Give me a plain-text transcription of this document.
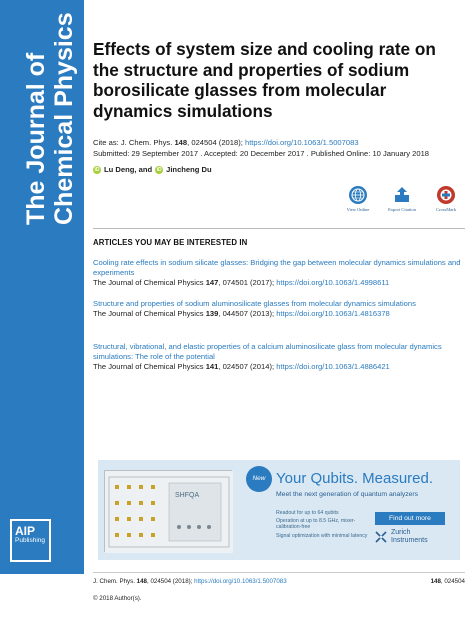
The Journal of Chemical Physics
AIP
Publishing
Effects of system size and cooling rate on the structure and properties of sodium borosilicate glasses from molecular dynamics simulations
Cite as: J. Chem. Phys. 148, 024504 (2018); https://doi.org/10.1063/1.5007083
Submitted: 29 September 2017 . Accepted: 20 December 2017 . Published Online: 10 January 2018
iD Lu Deng, and iD Jincheng Du
View Online	Export Citation	CrossMark
ARTICLES YOU MAY BE INTERESTED IN
Cooling rate effects in sodium silicate glasses: Bridging the gap between molecular dynamics simulations and experiments
The Journal of Chemical Physics 147, 074501 (2017); https://doi.org/10.1063/1.4998611
Structure and properties of sodium aluminosilicate glasses from molecular dynamics simulations
The Journal of Chemical Physics 139, 044507 (2013); https://doi.org/10.1063/1.4816378
Structural, vibrational, and elastic properties of a calcium aluminosilicate glass from molecular dynamics simulations: The role of the potential
The Journal of Chemical Physics 141, 024507 (2014); https://doi.org/10.1063/1.4886421
SHFQA
New Your Qubits. Measured.
Meet the next generation of quantum analyzers
Readout for up to 64 qubits
Operation at up to 8.5 GHz, mixer-calibration-free
Signal optimization with minimal latency
Find out more
Zurich
Instruments
J. Chem. Phys. 148, 024504 (2018); https://doi.org/10.1063/1.5007083	148, 024504
© 2018 Author(s).
